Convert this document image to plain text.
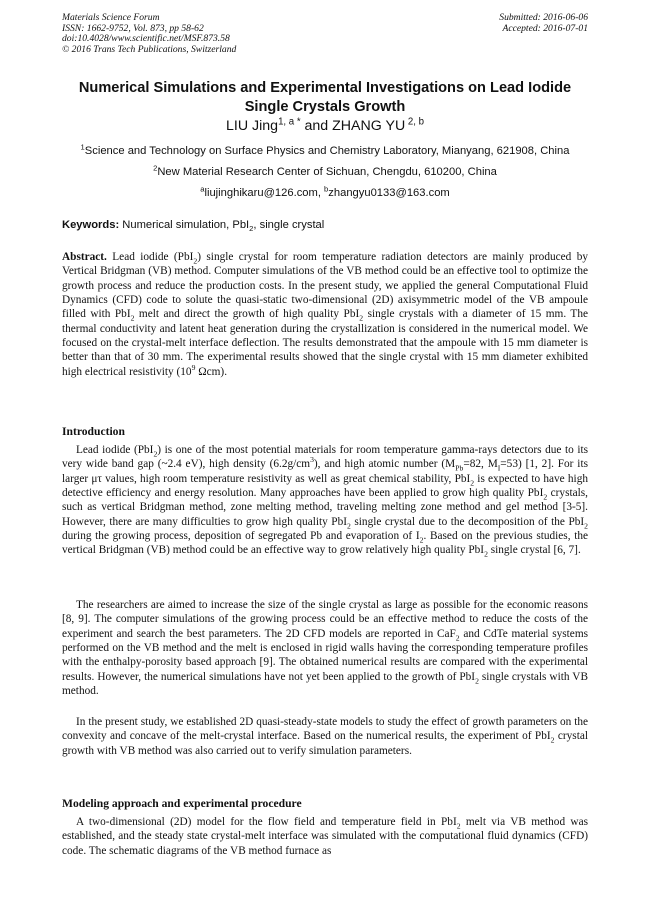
Materials Science Forum
ISSN: 1662-9752, Vol. 873, pp 58-62
doi:10.4028/www.scientific.net/MSF.873.58
© 2016 Trans Tech Publications, Switzerland
Submitted: 2016-06-06
Accepted: 2016-07-01
Numerical Simulations and Experimental Investigations on Lead Iodide
Single Crystals Growth
LIU Jing$^{1, a *}$ and ZHANG YU $^{2, b}$
$^1$Science and Technology on Surface Physics and Chemistry Laboratory, Mianyang, 621908, China
$^2$New Material Research Center of Sichuan, Chengdu, 610200, China
$^a$liujinghikaru@126.com, $^b$zhangyu0133@163.com
Keywords: Numerical simulation, PbI$_2$, single crystal
Abstract. Lead iodide (PbI$_2$) single crystal for room temperature radiation detectors are mainly produced by Vertical Bridgman (VB) method. Computer simulations of the VB method could be an effective tool to optimize the growth process and reduce the production costs. In the present study, we applied the general Computational Fluid Dynamics (CFD) code to solute the quasi-static two-dimensional (2D) axisymmetric model of the VB ampoule filled with PbI$_2$ melt and direct the growth of high quality PbI$_2$ single crystals with a diameter of 15 mm. The thermal conductivity and latent heat generation during the crystallization is considered in the numerical model. We focused on the crystal-melt interface deflection. The results demonstrated that the ampoule with 15 mm diameter is better than that of 30 mm. The experimental results showed that the single crystal with 15 mm diameter exhibited high electrical resistivity ($10^9$ Ωcm).
Introduction
Lead iodide (PbI$_2$) is one of the most potential materials for room temperature gamma-rays detectors due to its very wide band gap (~2.4 eV), high density $(6.2g/cm^3)$, and high atomic number ($M_{Pb}=82$, $M_I=53$) [1, 2]. For its larger μτ values, high room temperature resistivity as well as great chemical stability, PbI$_2$ is expected to have high detective efficiency and energy resolution. Many approaches have been applied to grow high quality PbI$_2$ crystals, such as vertical Bridgman method, zone melting method, traveling melting zone method and gel method [3-5]. However, there are many difficulties to grow high quality PbI$_2$ single crystal due to the decomposition of the PbI$_2$ during the growing process, deposition of segregated Pb and evaporation of $I_2$. Based on the previous studies, the vertical Bridgman (VB) method could be an effective way to grow relatively high quality PbI$_2$ single crystal [6, 7].
The researchers are aimed to increase the size of the single crystal as large as possible for the economic reasons [8, 9]. The computer simulations of the growing process could be an effective method to reduce the costs of the experiment and search the best parameters. The 2D CFD models are reported in CaF$_2$ and CdTe material systems performed on the VB method and the melt is enclosed in rigid walls having the corresponding temperature profiles with the enthalpy-porosity based approach [9]. The obtained numerical results are compared with the experimental results. However, the numerical simulations have not yet been applied to the growth of PbI$_2$ single crystals with VB method.
In the present study, we established 2D quasi-steady-state models to study the effect of growth parameters on the convexity and concave of the melt-crystal interface. Based on the numerical results, the experiment of PbI$_2$ crystal growth with VB method was also carried out to verify simulation parameters.
Modeling approach and experimental procedure
A two-dimensional (2D) model for the flow field and temperature field in PbI$_2$ melt via VB method was established, and the steady state crystal-melt interface was simulated with the computational fluid dynamics (CFD) code. The schematic diagrams of the VB method furnace as
